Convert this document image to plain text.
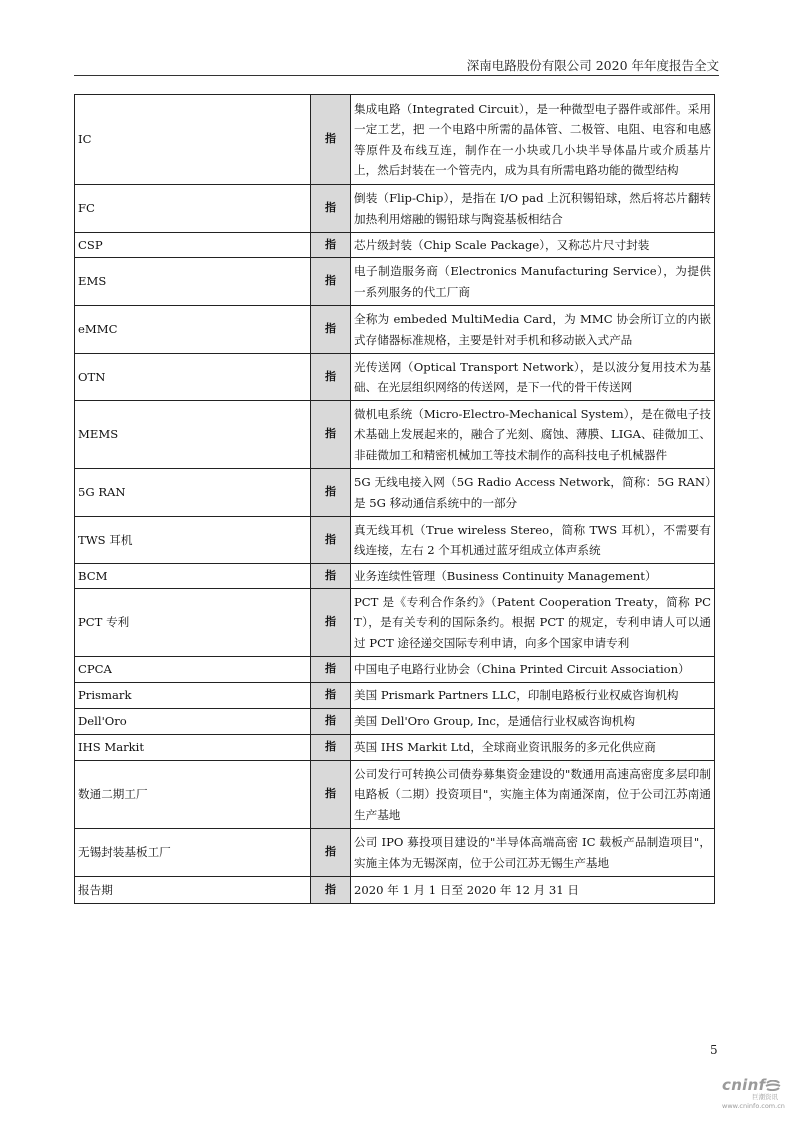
深南电路股份有限公司 2020 年年度报告全文
IC	指	集成电路（Integrated Circuit），是一种微型电子器件或部件。采用一定工艺，把 一个电路中所需的晶体管、二极管、电阻、电容和电感等原件及布线互连，制作在一小块或几小块半导体晶片或介质基片上，然后封装在一个管壳内，成为具有所需电路功能的微型结构
FC	指	倒装（Flip-Chip），是指在 I/O pad 上沉积锡铅球，然后将芯片翻转加热利用熔融的锡铅球与陶瓷基板相结合
CSP	指	芯片级封装（Chip Scale Package），又称芯片尺寸封装
EMS	指	电子制造服务商（Electronics Manufacturing Service），为提供一系列服务的代工厂商
eMMC	指	全称为 embeded MultiMedia Card，为 MMC 协会所订立的内嵌式存储器标准规格，主要是针对手机和移动嵌入式产品
OTN	指	光传送网（Optical Transport Network），是以波分复用技术为基础、在光层组织网络的传送网，是下一代的骨干传送网
MEMS	指	微机电系统（Micro-Electro-Mechanical System），是在微电子技术基础上发展起来的，融合了光刻、腐蚀、薄膜、LIGA、硅微加工、非硅微加工和精密机械加工等技术制作的高科技电子机械器件
5G RAN	指	5G 无线电接入网（5G Radio Access Network，简称：5G RAN）是 5G 移动通信系统中的一部分
TWS 耳机	指	真无线耳机（True wireless Stereo，简称 TWS 耳机），不需要有线连接，左右 2 个耳机通过蓝牙组成立体声系统
BCM	指	业务连续性管理（Business Continuity Management）
PCT 专利	指	PCT 是《专利合作条约》（Patent Cooperation Treaty，简称 PCT），是有关专利的国际条约。根据 PCT 的规定，专利申请人可以通过 PCT 途径递交国际专利申请，向多个国家申请专利
CPCA	指	中国电子电路行业协会（China Printed Circuit Association）
Prismark	指	美国 Prismark Partners LLC，印制电路板行业权威咨询机构
Dell'Oro	指	美国 Dell'Oro Group, Inc，是通信行业权威咨询机构
IHS Markit	指	英国 IHS Markit Ltd，全球商业资讯服务的多元化供应商
数通二期工厂	指	公司发行可转换公司债券募集资金建设的"数通用高速高密度多层印制电路板（二期）投资项目"，实施主体为南通深南，位于公司江苏南通生产基地
无锡封装基板工厂	指	公司 IPO 募投项目建设的"半导体高端高密 IC 载板产品制造项目"，实施主体为无锡深南，位于公司江苏无锡生产基地
报告期	指	2020 年 1 月 1 日至 2020 年 12 月 31 日
5
cninf
巨潮资讯
www.cninfo.com.cn
